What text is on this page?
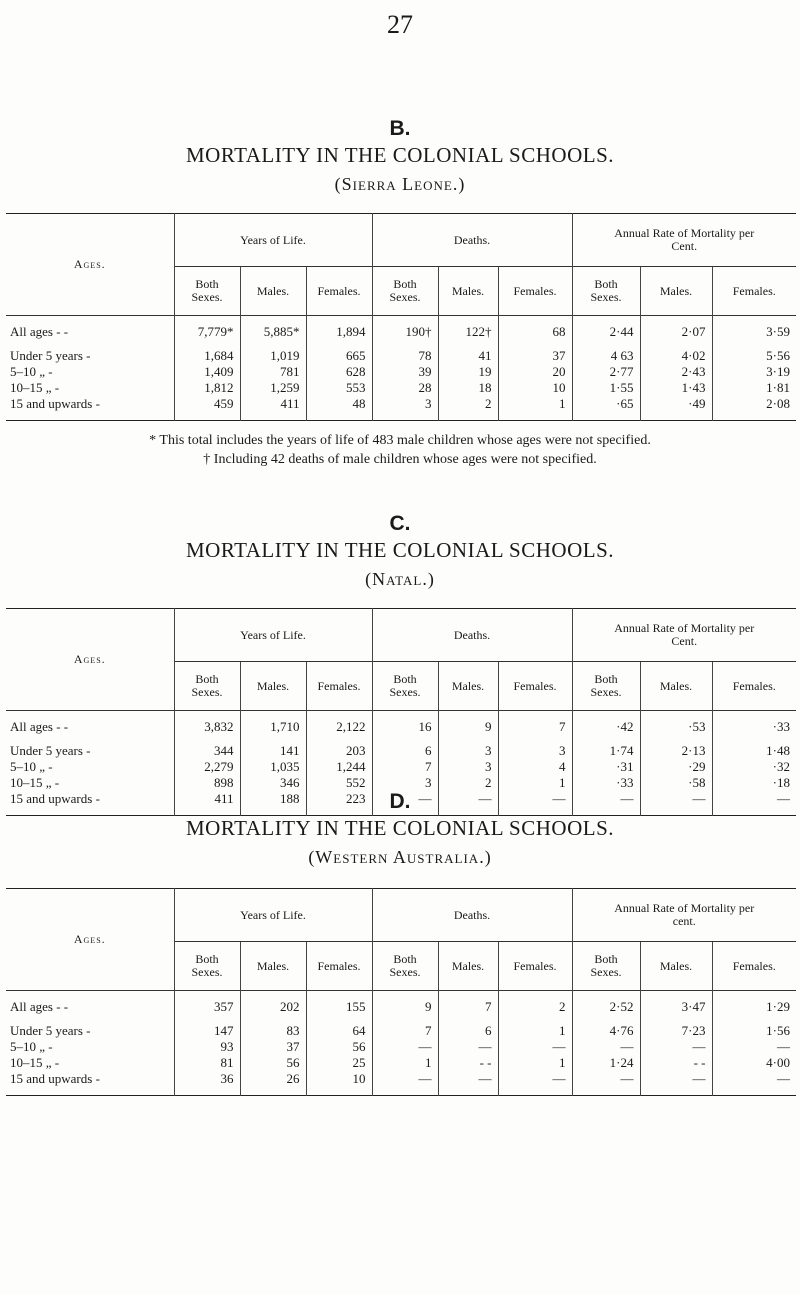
27
B.
MORTALITY IN THE COLONIAL SCHOOLS.
(Sierra Leone.)
Ages.	Years of Life.			Deaths.			Annual Rate of Mortality per Cent.		
	Both Sexes.	Males.	Females.	Both Sexes.	Males.	Females.	Both Sexes.	Males.	Females.

All ages - -	7,779*	5,885*	1,894	190†	122†	68	2·44	2·07	3·59

Under 5 years -	1,684	1,019	665	78	41	37	4 63	4·02	5·56
5–10 „ -	1,409	781	628	39	19	20	2·77	2·43	3·19
10–15 „ -	1,812	1,259	553	28	18	10	1·55	1·43	1·81
15 and upwards -	459	411	48	3	2	1	·65	·49	2·08

* This total includes the years of life of 483 male children whose ages were not specified.
† Including 42 deaths of male children whose ages were not specified.
C.
MORTALITY IN THE COLONIAL SCHOOLS.
(Natal.)
Ages.	Years of Life.			Deaths.			Annual Rate of Mortality per Cent.		
	Both Sexes.	Males.	Females.	Both Sexes.	Males.	Females.	Both Sexes.	Males.	Females.

All ages - -	3,832	1,710	2,122	16	9	7	·42	·53	·33

Under 5 years -	344	141	203	6	3	3	1·74	2·13	1·48
5–10 „ -	2,279	1,035	1,244	7	3	4	·31	·29	·32
10–15 „ -	898	346	552	3	2	1	·33	·58	·18
15 and upwards -	411	188	223	—	—	—	—	—	—

D.
MORTALITY IN THE COLONIAL SCHOOLS.
(Western Australia.)
Ages.	Years of Life.			Deaths.			Annual Rate of Mortality per cent.		
	Both Sexes.	Males.	Females.	Both Sexes.	Males.	Females.	Both Sexes.	Males.	Females.

All ages - -	357	202	155	9	7	2	2·52	3·47	1·29

Under 5 years -	147	83	64	7	6	1	4·76	7·23	1·56
5–10 „ -	93	37	56	—	—	—	—	—	—
10–15 „ -	81	56	25	1	- -	1	1·24	- -	4·00
15 and upwards -	36	26	10	—	—	—	—	—	—
